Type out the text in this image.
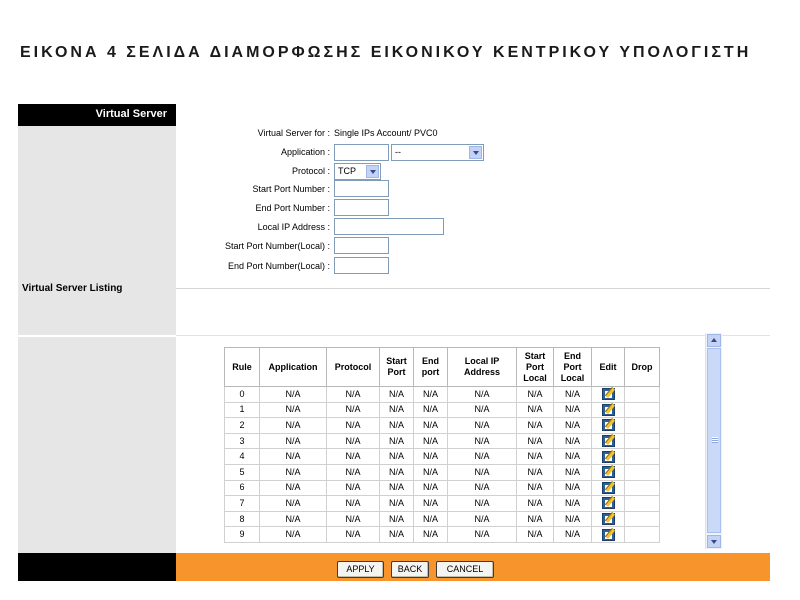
ΕΙΚΟΝΑ 4 ΣΕΛΙΔΑ ΔΙΑΜΟΡΦΩΣΗΣ ΕΙΚΟΝΙΚΟΥ ΚΕΝΤΡΙΚΟΥ ΥΠΟΛΟΓΙΣΤΗ
Virtual Server
Virtual Server Listing
Virtual Server for : Single IPs Account/ PVC0
Application :	--
Protocol : TCP
Start Port Number :
End Port Number :
Local IP Address :
Start Port Number(Local) :
End Port Number(Local) :
Rule	Application	Protocol	Start Port	End port	Local IP Address	Start Port Local	End Port Local	Edit	Drop
0	N/A	N/A	N/A	N/A	N/A	N/A	N/A		
1	N/A	N/A	N/A	N/A	N/A	N/A	N/A		
2	N/A	N/A	N/A	N/A	N/A	N/A	N/A		
3	N/A	N/A	N/A	N/A	N/A	N/A	N/A		
4	N/A	N/A	N/A	N/A	N/A	N/A	N/A		
5	N/A	N/A	N/A	N/A	N/A	N/A	N/A		
6	N/A	N/A	N/A	N/A	N/A	N/A	N/A		
7	N/A	N/A	N/A	N/A	N/A	N/A	N/A		
8	N/A	N/A	N/A	N/A	N/A	N/A	N/A		
9	N/A	N/A	N/A	N/A	N/A	N/A	N/A		
APPLY	BACK	CANCEL
